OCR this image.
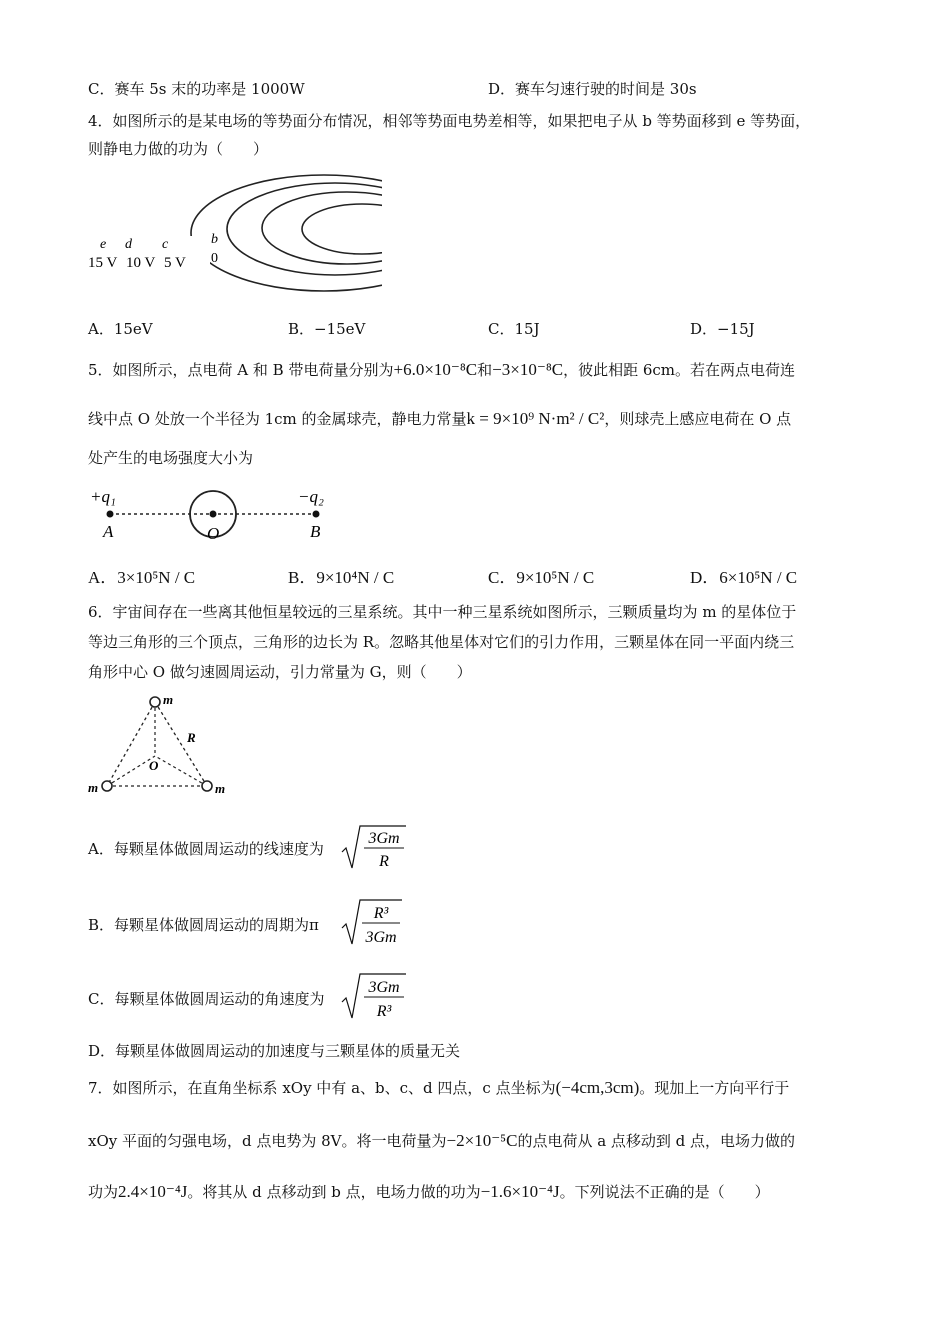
C．赛车 5s 末的功率是 1000W	D．赛车匀速行驶的时间是 30s
4．如图所示的是某电场的等势面分布情况，相邻等势面电势差相等，如果把电子从 b 等势面移到 e 等势面，
则静电力做的功为（　　）
e d c	b
15 V 10 V 5 V 0
A．15eV	B．−15eV	C．15J	D．−15J
5．如图所示，点电荷 A 和 B 带电荷量分别为+6.0×10⁻⁸C和−3×10⁻⁸C，彼此相距 6cm。若在两点电荷连
线中点 O 处放一个半径为 1cm 的金属球壳，静电力常量k = 9×10⁹ N·m² / C²，则球壳上感应电荷在 O 点
处产生的电场强度大小为
+q₁	−q₂
A	O	B
A．3×10⁵N / C	B．9×10⁴N / C	C．9×10⁵N / C	D．6×10⁵N / C
6．宇宙间存在一些离其他恒星较远的三星系统。其中一种三星系统如图所示，三颗质量均为 m 的星体位于
等边三角形的三个顶点，三角形的边长为 R。忽略其他星体对它们的引力作用，三颗星体在同一平面内绕三
角形中心 O 做匀速圆周运动，引力常量为 G，则（　　）
m
m	m
R
O
A．每颗星体做圆周运动的线速度为
3Gm
R
B．每颗星体做圆周运动的周期为π
R³
3Gm
C．每颗星体做圆周运动的角速度为
3Gm
R³
D．每颗星体做圆周运动的加速度与三颗星体的质量无关
7．如图所示，在直角坐标系 xOy 中有 a、b、c、d 四点，c 点坐标为(−4cm,3cm)。现加上一方向平行于
xOy 平面的匀强电场，d 点电势为 8V。将一电荷量为−2×10⁻⁵C的点电荷从 a 点移动到 d 点，电场力做的
功为2.4×10⁻⁴J。将其从 d 点移动到 b 点，电场力做的功为−1.6×10⁻⁴J。下列说法不正确的是（　　）
